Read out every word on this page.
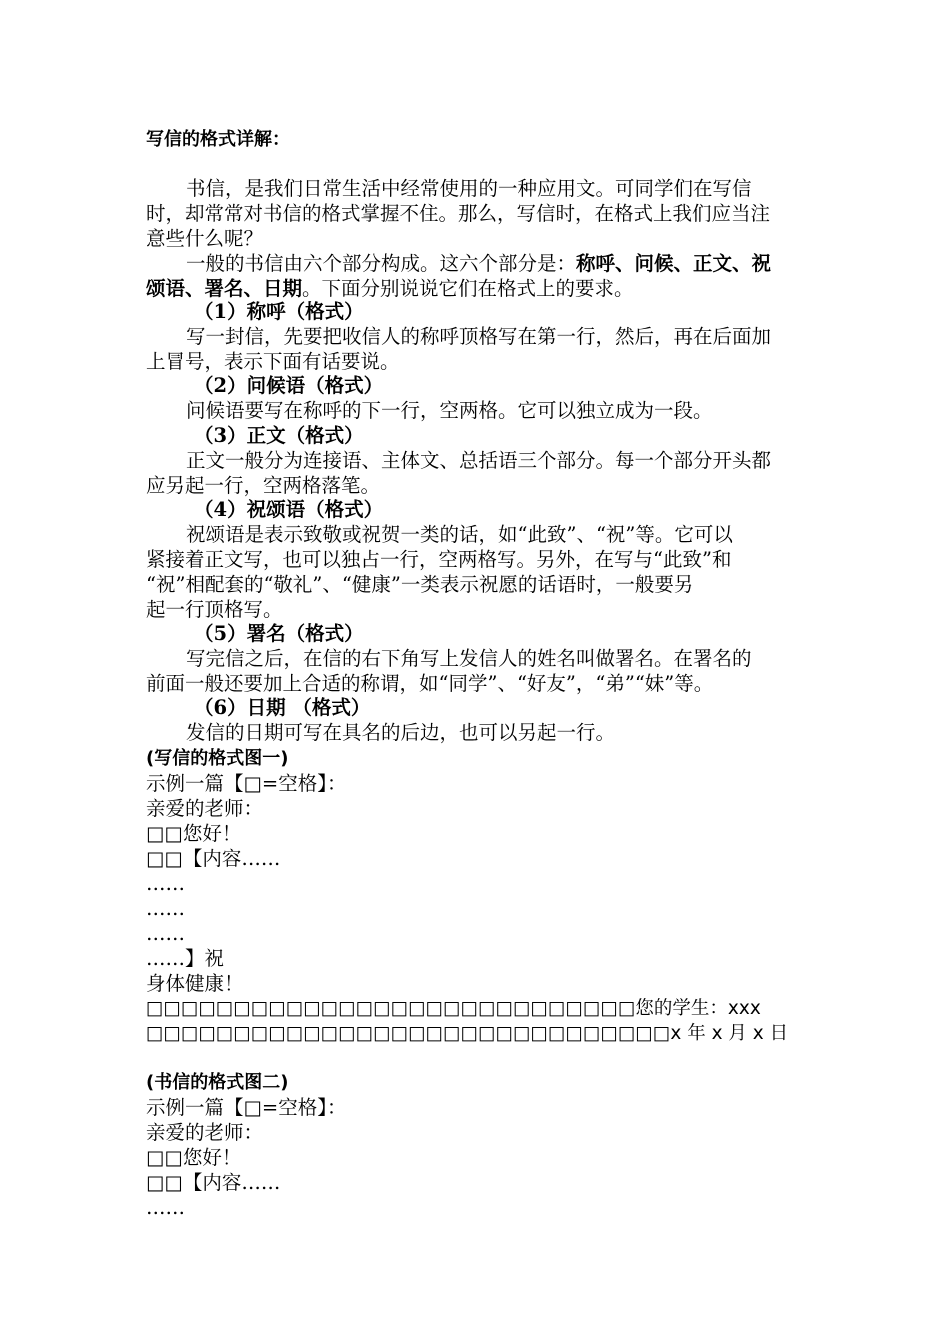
写信的格式详解：

书信，是我们日常生活中经常使用的一种应用文。可同学们在写信

时，却常常对书信的格式掌握不住。那么，写信时，在格式上我们应当注

意些什么呢？

一般的书信由六个部分构成。这六个部分是：称呼、问候、正文、祝

颂语、署名、日期。下面分别说说它们在格式上的要求。

（1）称呼（格式）

写一封信，先要把收信人的称呼顶格写在第一行，然后，再在后面加

上冒号，表示下面有话要说。

（2）问候语（格式）

问候语要写在称呼的下一行，空两格。它可以独立成为一段。

（3）正文（格式）

正文一般分为连接语、主体文、总括语三个部分。每一个部分开头都

应另起一行，空两格落笔。

（4）祝颂语（格式）

祝颂语是表示致敬或祝贺一类的话，如“此致”、“祝”等。它可以

紧接着正文写，也可以独占一行，空两格写。另外，在写与“此致”和

“祝”相配套的“敬礼”、“健康”一类表示祝愿的话语时，一般要另

起一行顶格写。

（5）署名（格式）

写完信之后，在信的右下角写上发信人的姓名叫做署名。在署名的

前面一般还要加上合适的称谓，如“同学”、“好友”，“弟”“妹”等。

（6）日期 （格式）

发信的日期可写在具名的后边，也可以另起一行。

(写信的格式图一)

示例一篇【□=空格】：

亲爱的老师：

□□您好！

□□【内容……

……

……

……

……】祝

身体健康！

□□□□□□□□□□□□□□□□□□□□□□□□□□□□您的学生：xxx

□□□□□□□□□□□□□□□□□□□□□□□□□□□□□□x 年 x 月 x 日

(书信的格式图二)

示例一篇【□=空格】：

亲爱的老师：

□□您好！

□□【内容……

……
